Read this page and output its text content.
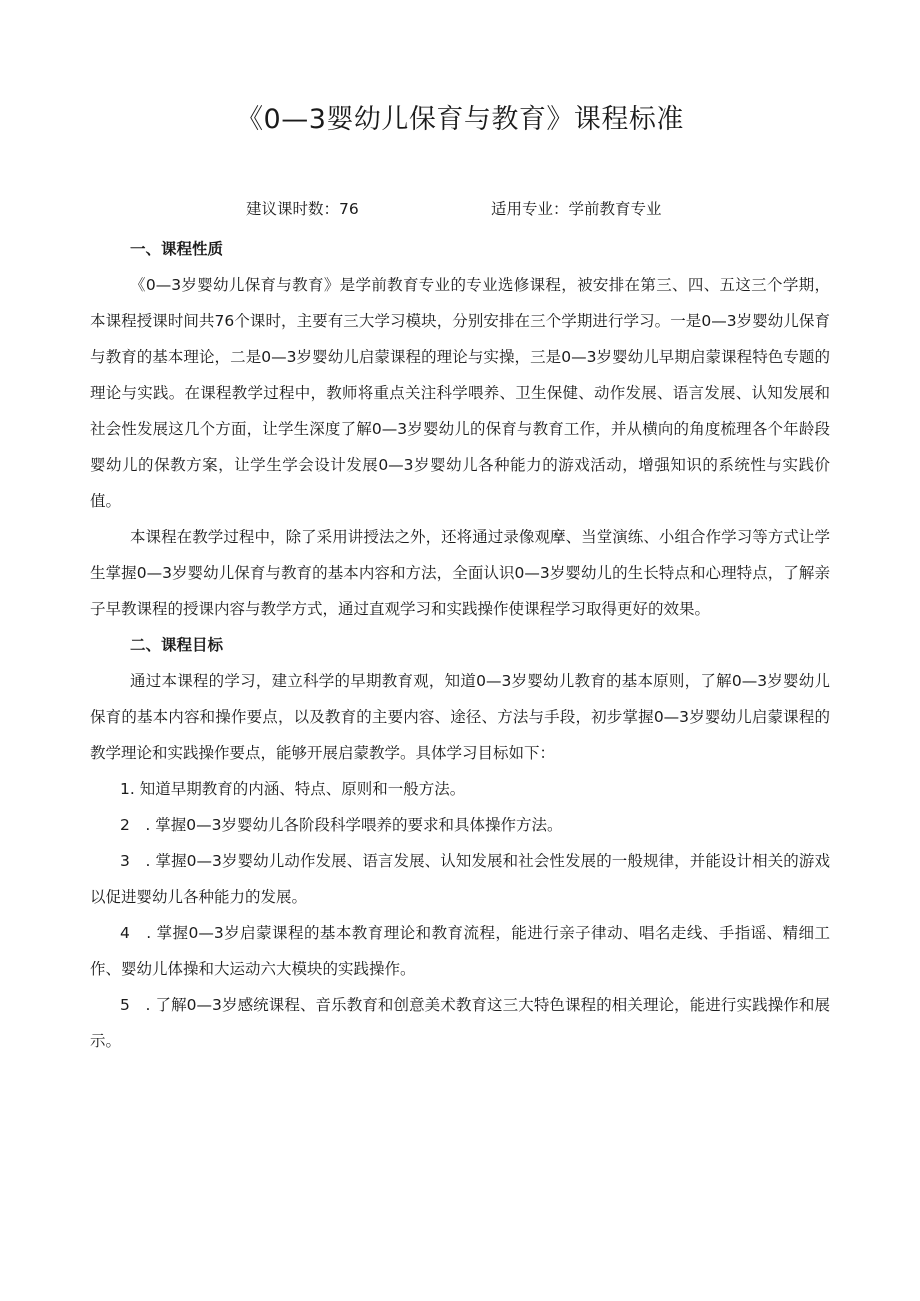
《0—3婴幼儿保育与教育》课程标准
建议课时数：76	适用专业：学前教育专业
一、课程性质

《0—3岁婴幼儿保育与教育》是学前教育专业的专业选修课程，被安排在第三、四、五这三个学期，本课程授课时间共76个课时，主要有三大学习模块，分别安排在三个学期进行学习。一是0—3岁婴幼儿保育与教育的基本理论，二是0—3岁婴幼儿启蒙课程的理论与实操，三是0—3岁婴幼儿早期启蒙课程特色专题的理论与实践。在课程教学过程中，教师将重点关注科学喂养、卫生保健、动作发展、语言发展、认知发展和社会性发展这几个方面，让学生深度了解0—3岁婴幼儿的保育与教育工作，并从横向的角度梳理各个年龄段婴幼儿的保教方案，让学生学会设计发展0—3岁婴幼儿各种能力的游戏活动，增强知识的系统性与实践价值。

本课程在教学过程中，除了采用讲授法之外，还将通过录像观摩、当堂演练、小组合作学习等方式让学生掌握0—3岁婴幼儿保育与教育的基本内容和方法，全面认识0—3岁婴幼儿的生长特点和心理特点，了解亲子早教课程的授课内容与教学方式，通过直观学习和实践操作使课程学习取得更好的效果。

二、课程目标

通过本课程的学习，建立科学的早期教育观，知道0—3岁婴幼儿教育的基本原则，了解0—3岁婴幼儿保育的基本内容和操作要点，以及教育的主要内容、途径、方法与手段，初步掌握0—3岁婴幼儿启蒙课程的教学理论和实践操作要点，能够开展启蒙教学。具体学习目标如下：

1. 知道早期教育的内涵、特点、原则和一般方法。

2　. 掌握0—3岁婴幼儿各阶段科学喂养的要求和具体操作方法。

3　. 掌握0—3岁婴幼儿动作发展、语言发展、认知发展和社会性发展的一般规律，并能设计相关的游戏以促进婴幼儿各种能力的发展。

4　. 掌握0—3岁启蒙课程的基本教育理论和教育流程，能进行亲子律动、唱名走线、手指谣、精细工作、婴幼儿体操和大运动六大模块的实践操作。

5　. 了解0—3岁感统课程、音乐教育和创意美术教育这三大特色课程的相关理论，能进行实践操作和展示。
